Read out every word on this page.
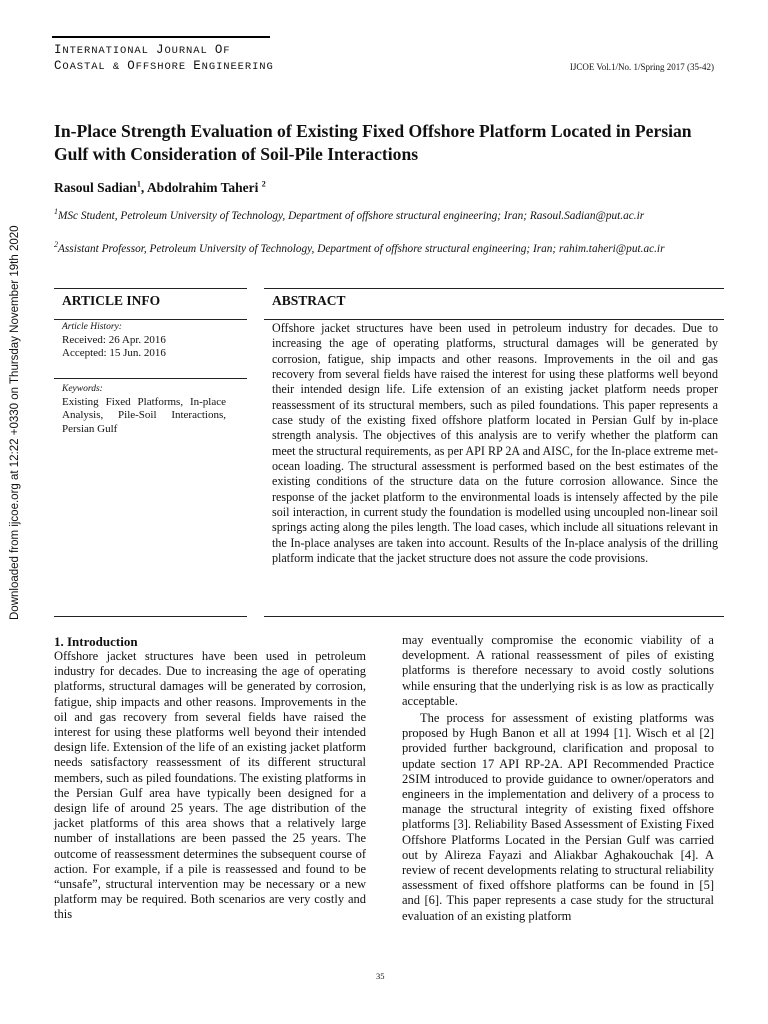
INTERNATIONAL JOURNAL OF
COASTAL & OFFSHORE ENGINEERING	IJCOE Vol.1/No. 1/Spring 2017 (35-42)
Downloaded from ijcoe.org at 12:22 +0330 on Thursday November 19th 2020
In-Place Strength Evaluation of Existing Fixed Offshore Platform Located in Persian Gulf with Consideration of Soil-Pile Interactions
Rasoul Sadian$^1$, Abdolrahim Taheri $^2$
$^1$MSc Student, Petroleum University of Technology, Department of offshore structural engineering; Iran; Rasoul.Sadian@put.ac.ir
$^2$Assistant Professor, Petroleum University of Technology, Department of offshore structural engineering; Iran; rahim.taheri@put.ac.ir
ARTICLE INFO	ABSTRACT
Article History:
Received: 26 Apr. 2016
Accepted: 15 Jun. 2016
Keywords:
Existing Fixed Platforms, In-place Analysis, Pile-Soil Interactions, Persian Gulf
Offshore jacket structures have been used in petroleum industry for decades. Due to increasing the age of operating platforms, structural damages will be generated by corrosion, fatigue, ship impacts and other reasons. Improvements in the oil and gas recovery from several fields have raised the interest for using these platforms well beyond their intended design life. Life extension of an existing jacket platform needs proper reassessment of its structural members, such as piled foundations. This paper represents a case study of the existing fixed offshore platform located in Persian Gulf by in-place strength analysis. The objectives of this analysis are to verify whether the platform can meet the structural requirements, as per API RP 2A and AISC, for the In-place extreme met-ocean loading. The structural assessment is performed based on the best estimates of the existing conditions of the structure data on the future corrosion allowance. Since the response of the jacket platform to the environmental loads is intensely affected by the pile soil interaction, in current study the foundation is modelled using uncoupled non-linear soil springs acting along the piles length. The load cases, which include all situations relevant in the In-place analyses are taken into account. Results of the In-place analysis of the drilling platform indicate that the jacket structure does not assure the code provisions.
1. Introduction
Offshore jacket structures have been used in petroleum industry for decades. Due to increasing the age of operating platforms, structural damages will be generated by corrosion, fatigue, ship impacts and other reasons. Improvements in the oil and gas recovery from several fields have raised the interest for using these platforms well beyond their intended design life. Extension of the life of an existing jacket platform needs satisfactory reassessment of its different structural members, such as piled foundations. The existing platforms in the Persian Gulf area have typically been designed for a design life of around 25 years. The age distribution of the jacket platforms of this area shows that a relatively large number of installations are been passed the 25 years. The outcome of reassessment determines the subsequent course of action. For example, if a pile is reassessed and found to be “unsafe”, structural intervention may be necessary or a new platform may be required. Both scenarios are very costly and this
may eventually compromise the economic viability of a development. A rational reassessment of piles of existing platforms is therefore necessary to avoid costly solutions while ensuring that the underlying risk is as low as practically acceptable.
The process for assessment of existing platforms was proposed by Hugh Banon et all at 1994 [1]. Wisch et al [2] provided further background, clarification and proposal to update section 17 API RP-2A. API Recommended Practice 2SIM introduced to provide guidance to owner/operators and engineers in the implementation and delivery of a process to manage the structural integrity of existing fixed offshore platforms [3]. Reliability Based Assessment of Existing Fixed Offshore Platforms Located in the Persian Gulf was carried out by Alireza Fayazi and Aliakbar Aghakouchak [4]. A review of recent developments relating to structural reliability assessment of fixed offshore platforms can be found in [5] and [6]. This paper represents a case study for the structural evaluation of an existing platform
35
